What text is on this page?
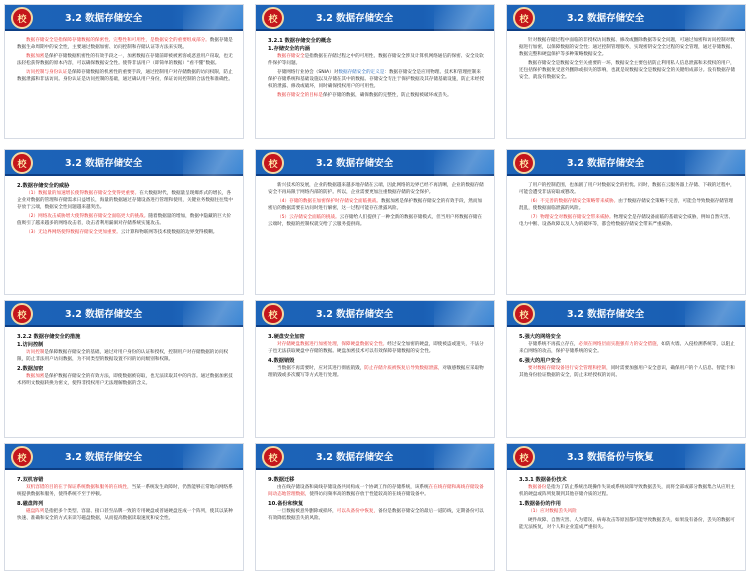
校	3.2 数据存储安全
数据存储安全是指保障存储数据的保密性、完整性和可用性，是数据安全的重要组成部分。数据存储是数据生命周期中的安全性，主要通过数据加密、访问控制和存储认证等方法来实现。
数据加密是保护存储数据机密性的有效手段之一，加密数据在存储前即被被密客或恶意用户窃取，也无法轻松获得数据的原本内容，可以确保数据安全性。使得非法用户（即简单的数据）“看不懂”数据。
访问控制与身份认证是保障存储数据的机密性的重要手段，通过控制用户对存储数据的访问权限，防止数据泄露和非法访问。身份认证是访问控制的基础，通过确认用户身份，保证访问控制的合法性和准确性。
校	3.2 数据存储安全
3.2.1 数据存储安全的概念
1.存储安全的内涵
数据存储安全是指数据在存储过程之中的可用性、数据存储安全涉及计算机网络通信的保密、安全及软件保护等问题。
存储网络行业协会（SNIA）对数据存储安全的定义是：数据存储安全是应用物理、技术和管理控制来保护存储系统和基础设施以及存储在其中的数据。存储安全专注于保护数据及其存储基础设施，防止未经授权的泄露、修改或破坏，同时确保授权用户的可用性。
数据存储安全的目标是保护存储的数据，确保数据的完整性，防止数据被破坏或丢失。
校	3.2 数据存储安全
针对数据存储过程中面临的非授权访问数据、修改或删除数据等安全问题，可通过加密和访问控制对数据进行加密，以保障数据的安全性；通过控制管理服务，实现密钥安全全过程的安全管理，通过存储数据、数据完整和硬盘保护等多种策略数据安全。
数据存储安全是数据安全至关重要的一环，数据安全主要包括防止利用私人信息泄露和未授权的用户，还包括保护数据免受意外删除或损失的影响，也就是说数据安全是数据安全的关键组成部分。没有数据存储安全，就没有数据安全。
校	3.2 数据存储安全
2.数据存储安全的威胁
（1）数据量的加速增长使得数据存储安全变得更重要。在大数据时代，数据量呈现爆炸式的增长，各企业对数据的管理和存储需求日益增长，海量的数据通过存储设备进行管理和使用，关键业务数据往往集中存放于云端，数据安全性问题越来越突出。
（2）网络攻击威胁增大使得数据存储安全面临更大的挑战。随着数据量的增加，数据中隐藏的巨大价值吸引了越来越多的网络攻击者，攻击者利用漏洞对存储系统实施攻击。
（3）无边界网络使得数据存储安全更加重要。云计算和物联网等技术使数据的边界变得模糊。
校	3.2 数据存储安全
新兴技术的发展，企业的数据越来越多地存储在云端，因此网络的边界已经不再清晰，企业的数据存储安全不再局限于网络内部的防护。所以，企业需要更加注重数据存储的安全保护。
（4）存储的数据在加密保护时存储安全面临挑战。数据加密是保护数据存储安全的有效手段，然而加密后的数据需要在访问时进行解密，这一过程可能存在泄露风险。
（5）云存储安全面临的挑战。云存储给人们提供了一种全新的数据存储模式，但当用户将数据存储在云端时，数据的控制权就交给了云服务提供商。
校	3.2 数据存储安全
了用户的控制范围，也加剧了用户对数据安全的担忧。同时，数据在云服务器上存储、下载的过程中，可能会遭受非法窃取或篡改。
（6）不完善的数据存储安全策略带来威胁。由于数据存储安全策略不完善，可能会导致数据存储管理混乱，使数据面临泄露的风险。
（7）物理安全对数据存储安全带来威胁。物理安全是存储设备面临的基础安全威胁，例如自然灾害、电力中断、设备故障以及人为的破坏等，都会给数据存储安全带来严重威胁。
校	3.2 数据存储安全
3.2.2 数据存储安全的措施
1.访问控制
访问控制是保障数据存储安全的基础，通过对用户身份的认证和授权，控制用户对存储数据的访问权限，防止非法用户访问数据，为不同类型的数据设置不同的访问级别和权限。
2.数据加密
数据加密是保护数据存储安全的有效方法，即使数据被窃取，也无法读取其中的内容。通过数据加密技术将明文数据转换为密文，使得非授权用户无法理解数据的含义。
校	3.2 数据存储安全
3.硬盘安全加密
对存储硬盘数据进行加密处理，保障硬盘数据安全性。经过安全加密的硬盘，即使被盗或遗失，不法分子也无法获取硬盘中存储的数据。硬盘加密技术可以有效保障存储数据的安全性。
4.数据销毁
当数据不再需要时，应对其进行彻底销毁，防止存储介质被恢复后导致数据泄露，对敏感数据应采取物理销毁或多次覆写等方式进行处理。
校	3.2 数据存储安全
5.强大的网络安全
存储系统不再孤立存在，必须在网络层面实施强有力的安全措施，如防火墙、入侵检测系统等，以阻止来自网络的攻击，保护存储系统的安全。
6.强大的用户安全
要对数据存储设备进行安全管理和控制，同时需要加强用户安全意识，确保用户的个人信息、智能卡和其他身份验证数据的安全，防止未经授权的访问。
校	3.2 数据存储安全
7.双机容错
双机容错的目的在于保证系统数据和服务的在线性，当某一系统发生故障时，仍然能够正常地向网络系统提供数据和服务，使得系统不至于停顿。
8.磁盘阵列
磁盘阵列是指把多个类型、容量、接口甚至品牌一致的专用硬盘或普通硬盘连成一个阵列，使其以某种快速、准确和安全的方式来读写磁盘数据，从而提高数据读取速度和安全性。
校	3.2 数据存储安全
9.数据迁移
由在线存储设备和离线存储设备共同构成一个协调工作的存储系统，该系统在在线存储和离线存储设备间动态地管理数据，使得访问频率高的数据存放于性能较高的在线存储设备中。
10.备份和恢复
一旦数据被意外删除或损坏，可以从备份中恢复，备份是数据存储安全的最后一道防线，定期备份可以有效降低数据丢失的风险。
校	3.3 数据备份与恢复
3.3.1 数据备份技术
数据备份是指为了防止系统出现操作失误或系统故障导致数据丢失，而将全部或部分数据集合从应用主机的硬盘或阵列复制到其他存储介质的过程。
1.数据备份的作用
（1）应对数据丢失风险
硬件故障、自然灾害、人为错误、病毒攻击等原因都可能导致数据丢失，如果没有备份，丢失的数据可能无法恢复，对个人和企业造成严重损失。
